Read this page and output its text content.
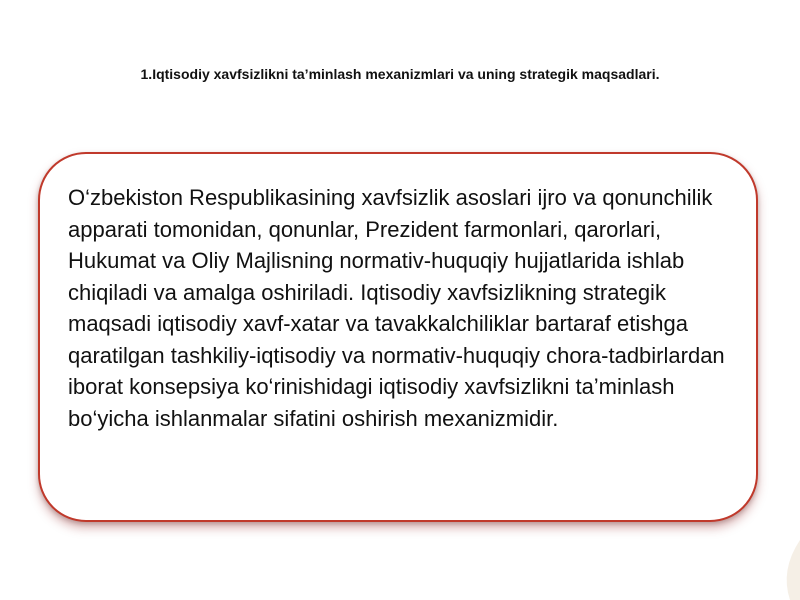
1.Iqtisodiy xavfsizlikni ta’minlash mexanizmlari va uning strategik maqsadlari.

O‘zbekiston Respublikasining xavfsizlik asoslari ijro va qonunchilik apparati tomonidan, qonunlar, Prezident farmonlari, qarorlari, Hukumat va Oliy Majlisning normativ-huquqiy hujjatlarida ishlab chiqiladi va amalga oshiriladi. Iqtisodiy xavfsizlikning strategik maqsadi iqtisodiy xavf-xatar va tavakkalchiliklar bartaraf etishga qaratilgan tashkiliy-iqtisodiy va normativ-huquqiy chora-tadbirlardan iborat konsepsiya ko‘rinishidagi iqtisodiy xavfsizlikni ta’minlash bo‘yicha ishlanmalar sifatini oshirish mexanizmidir.
